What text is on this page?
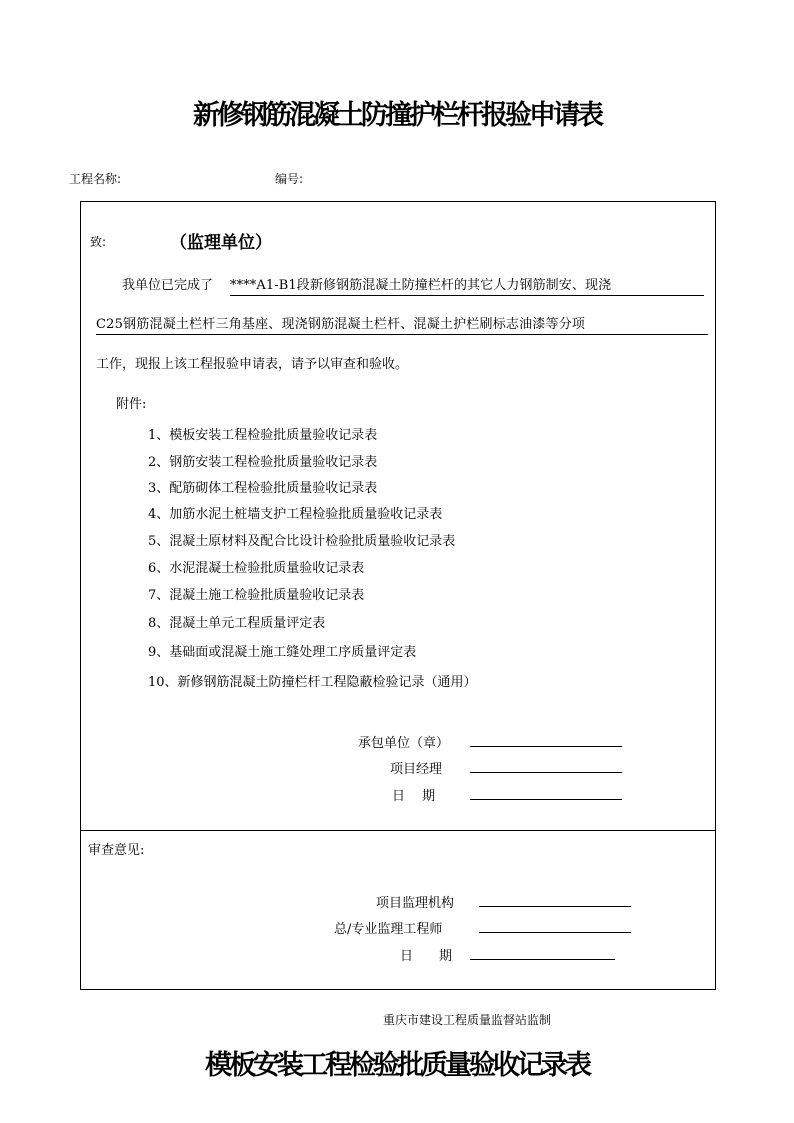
新修钢筋混凝土防撞护栏杆报验申请表
工程名称:	编号:
致:	（监理单位）
我单位已完成了 ****A1-B1段新修钢筋混凝土防撞栏杆的其它人力钢筋制安、现浇
C25钢筋混凝土栏杆三角基座、现浇钢筋混凝土栏杆、混凝土护栏刷标志油漆等分项
工作，现报上该工程报验申请表，请予以审查和验收。
附件:
1、模板安装工程检验批质量验收记录表
2、钢筋安装工程检验批质量验收记录表
3、配筋砌体工程检验批质量验收记录表
4、加筋水泥土桩墙支护工程检验批质量验收记录表
5、混凝土原材料及配合比设计检验批质量验收记录表
6、水泥混凝土检验批质量验收记录表
7、混凝土施工检验批质量验收记录表
8、混凝土单元工程质量评定表
9、基础面或混凝土施工缝处理工序质量评定表
10、新修钢筋混凝土防撞栏杆工程隐蔽检验记录（通用）
承包单位（章）
项目经理
日　 期
审查意见:
项目监理机构
总/专业监理工程师
日　　期
重庆市建设工程质量监督站监制
模板安装工程检验批质量验收记录表
